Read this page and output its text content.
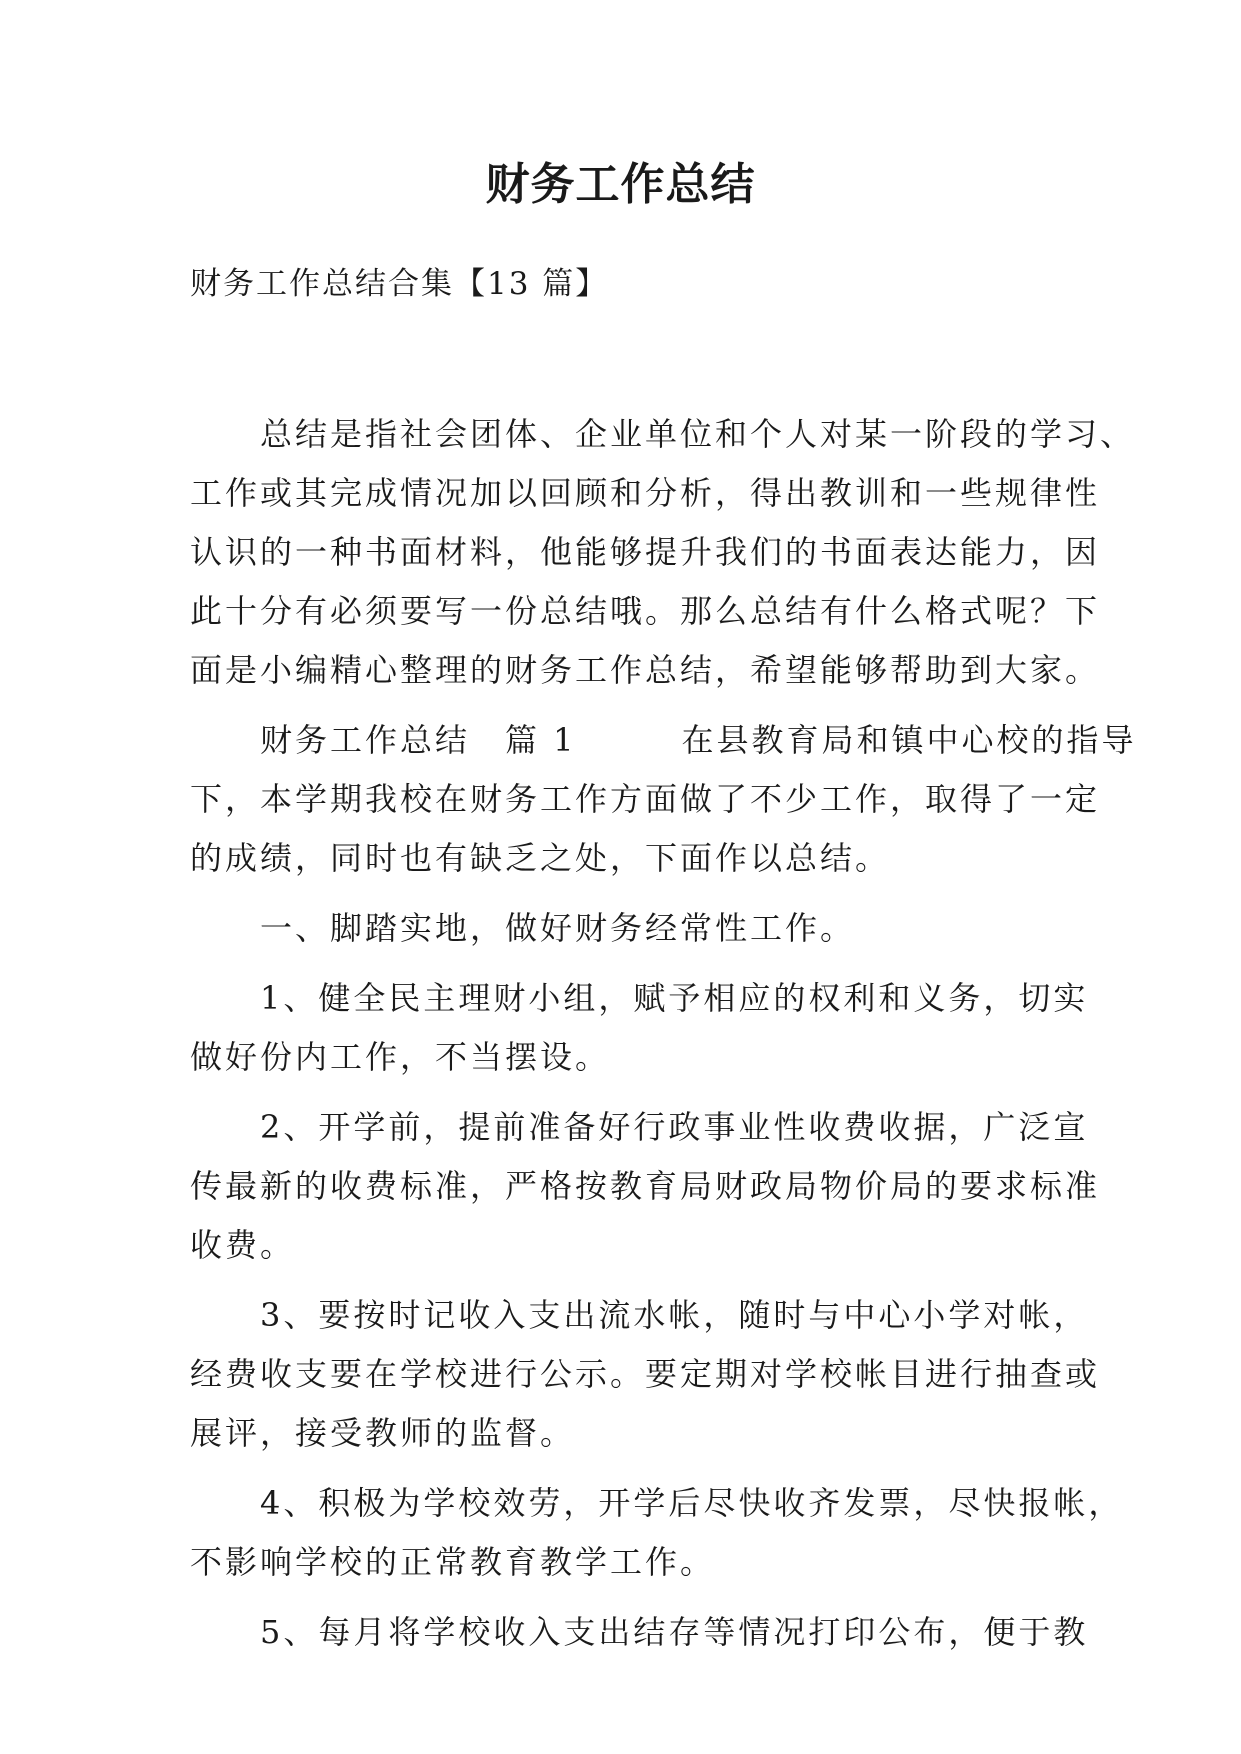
财务工作总结
财务工作总结合集【13 篇】
　　总结是指社会团体、企业单位和个人对某一阶段的学习、
工作或其完成情况加以回顾和分析，得出教训和一些规律性
认识的一种书面材料，他能够提升我们的书面表达能力，因
此十分有必须要写一份总结哦。那么总结有什么格式呢？下
面是小编精心整理的财务工作总结，希望能够帮助到大家。
　　财务工作总结　篇 1　　　在县教育局和镇中心校的指导
下，本学期我校在财务工作方面做了不少工作，取得了一定
的成绩，同时也有缺乏之处，下面作以总结。
　　一、脚踏实地，做好财务经常性工作。
　　1、健全民主理财小组，赋予相应的权利和义务，切实
做好份内工作，不当摆设。
　　2、开学前，提前准备好行政事业性收费收据，广泛宣
传最新的收费标准，严格按教育局财政局物价局的要求标准
收费。
　　3、要按时记收入支出流水帐，随时与中心小学对帐，
经费收支要在学校进行公示。要定期对学校帐目进行抽查或
展评，接受教师的监督。
　　4、积极为学校效劳，开学后尽快收齐发票，尽快报帐，
不影响学校的正常教育教学工作。
　　5、每月将学校收入支出结存等情况打印公布，便于教
